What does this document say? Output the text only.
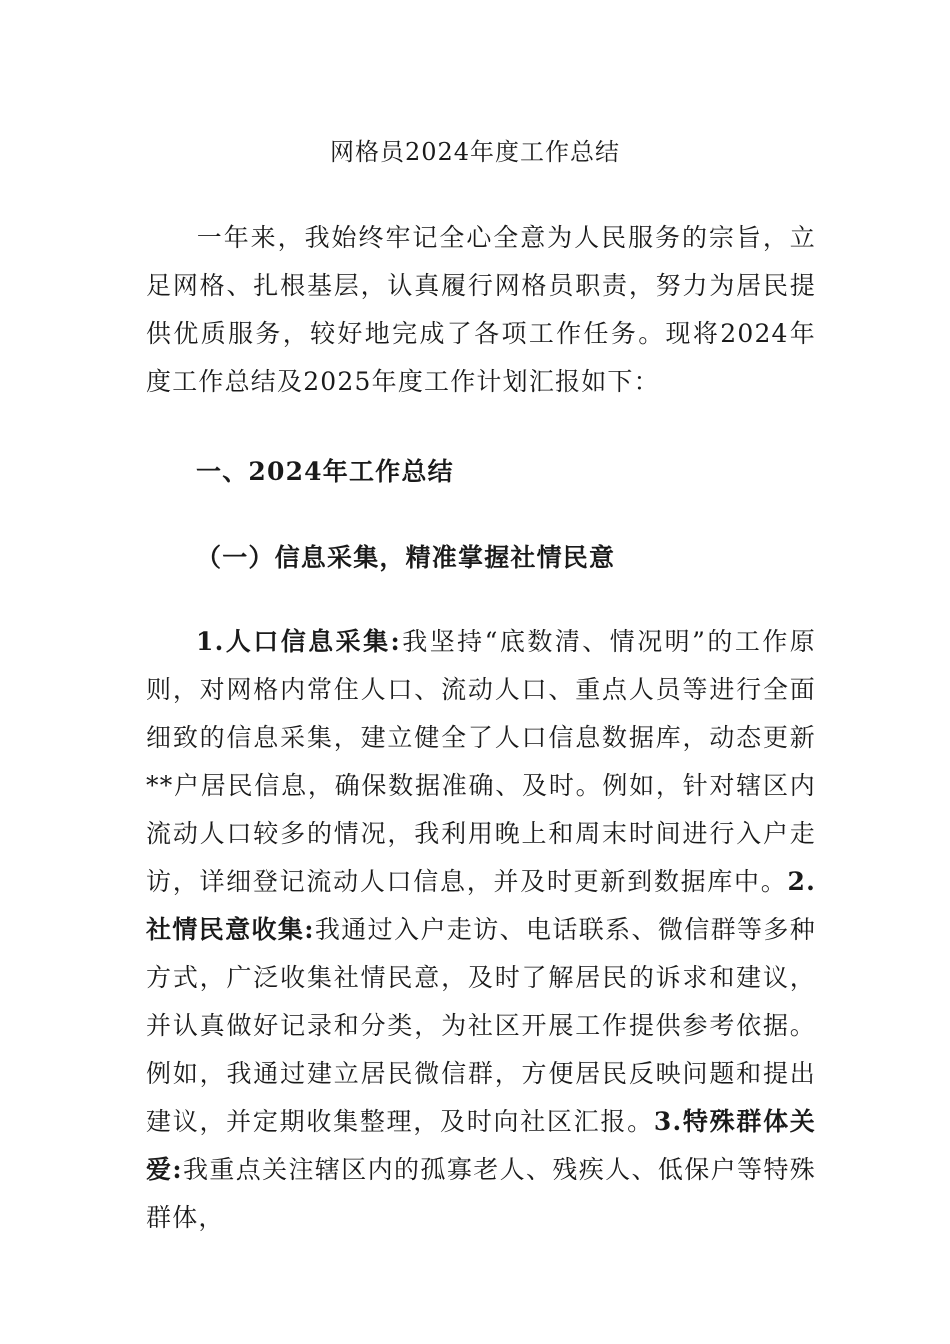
网格员2024年度工作总结
一年来，我始终牢记全心全意为人民服务的宗旨，立足网格、扎根基层，认真履行网格员职责，努力为居民提供优质服务，较好地完成了各项工作任务。现将2024年度工作总结及2025年度工作计划汇报如下：
一、2024年工作总结
（一）信息采集，精准掌握社情民意
1.人口信息采集:我坚持“底数清、情况明”的工作原则，对网格内常住人口、流动人口、重点人员等进行全面细致的信息采集，建立健全了人口信息数据库，动态更新**户居民信息，确保数据准确、及时。例如，针对辖区内流动人口较多的情况，我利用晚上和周末时间进行入户走访，详细登记流动人口信息，并及时更新到数据库中。2.社情民意收集:我通过入户走访、电话联系、微信群等多种方式，广泛收集社情民意，及时了解居民的诉求和建议，并认真做好记录和分类，为社区开展工作提供参考依据。例如，我通过建立居民微信群，方便居民反映问题和提出建议，并定期收集整理，及时向社区汇报。3.特殊群体关爱:我重点关注辖区内的孤寡老人、残疾人、低保户等特殊群体，
